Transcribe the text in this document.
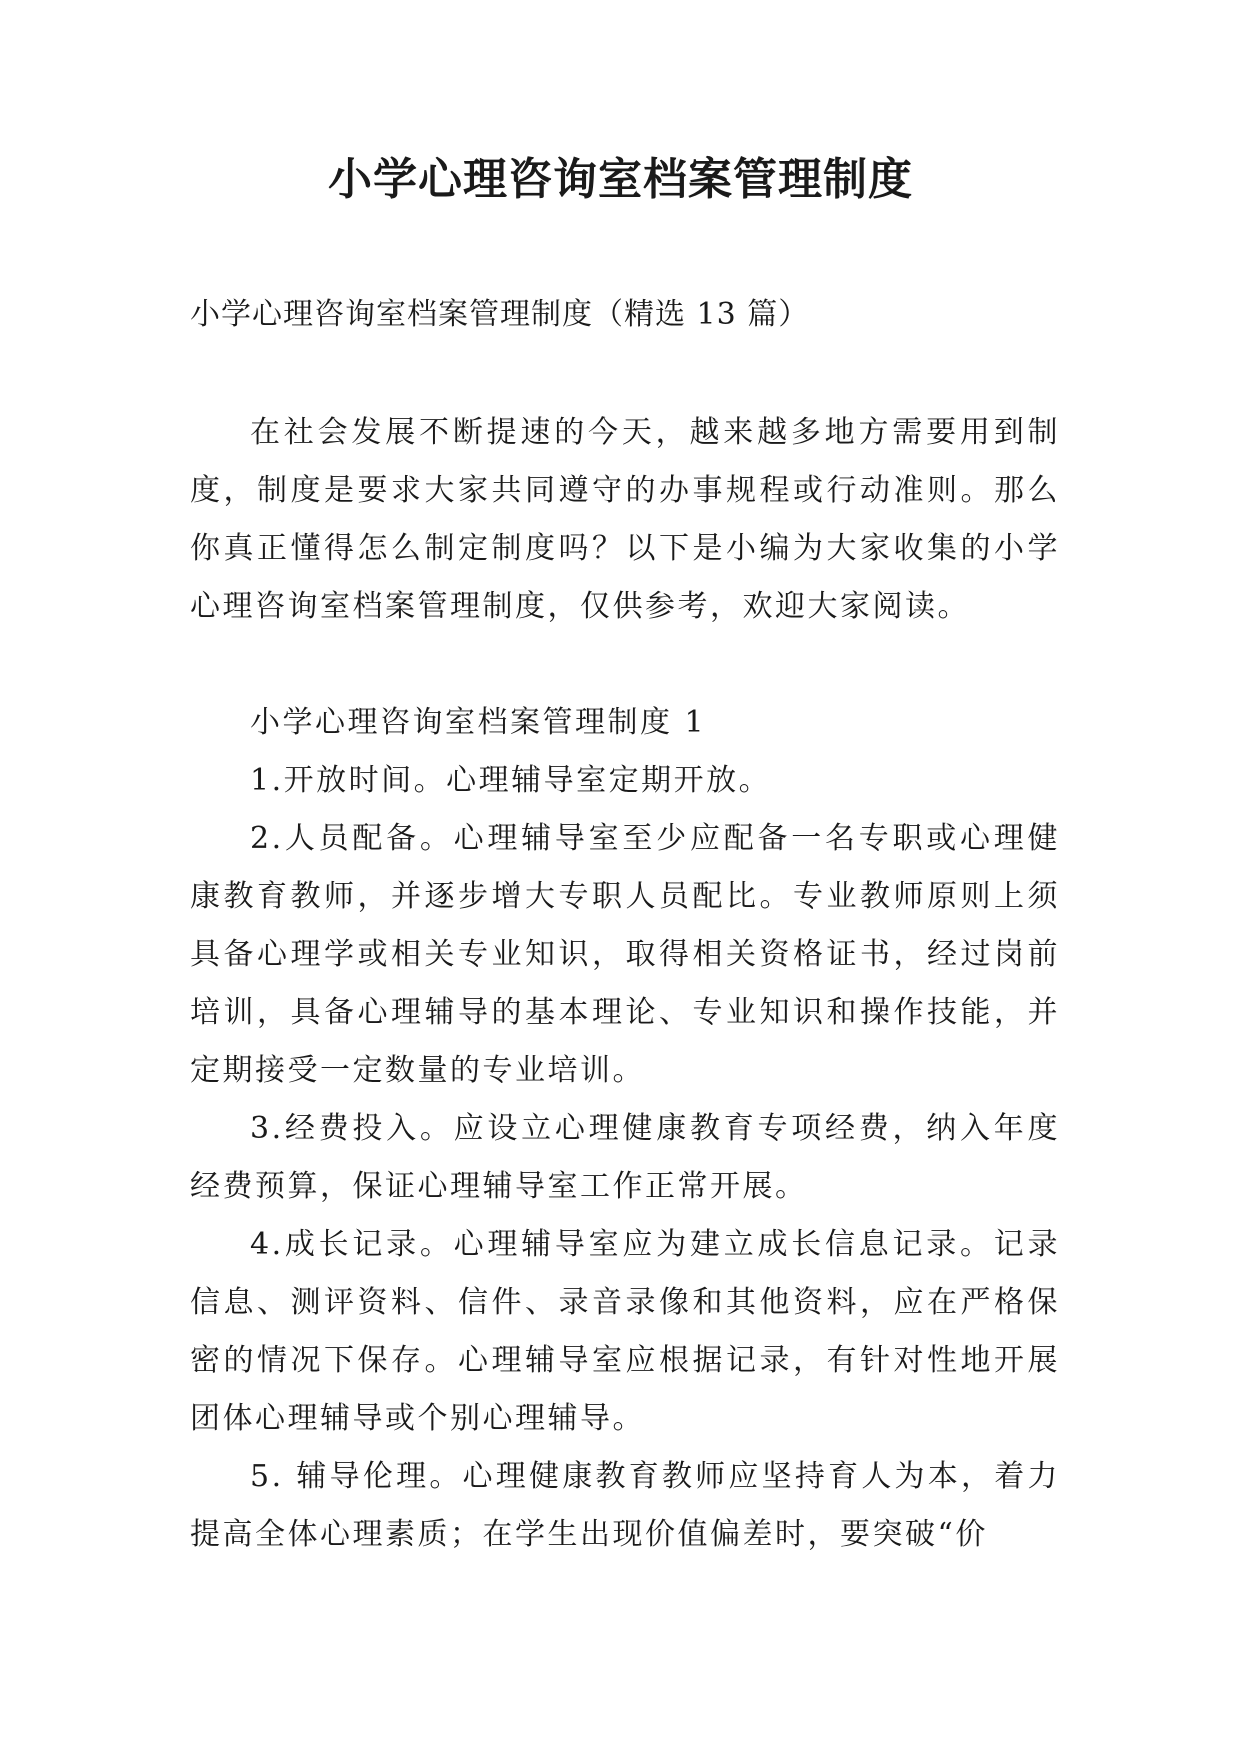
小学心理咨询室档案管理制度
小学心理咨询室档案管理制度（精选 13 篇）

在社会发展不断提速的今天，越来越多地方需要用到制度，制度是要求大家共同遵守的办事规程或行动准则。那么你真正懂得怎么制定制度吗？以下是小编为大家收集的小学心理咨询室档案管理制度，仅供参考，欢迎大家阅读。

小学心理咨询室档案管理制度 1

1.开放时间。心理辅导室定期开放。

2.人员配备。心理辅导室至少应配备一名专职或心理健康教育教师，并逐步增大专职人员配比。专业教师原则上须具备心理学或相关专业知识，取得相关资格证书，经过岗前培训，具备心理辅导的基本理论、专业知识和操作技能，并定期接受一定数量的专业培训。

3.经费投入。应设立心理健康教育专项经费，纳入年度经费预算，保证心理辅导室工作正常开展。

4.成长记录。心理辅导室应为建立成长信息记录。记录信息、测评资料、信件、录音录像和其他资料，应在严格保密的情况下保存。心理辅导室应根据记录，有针对性地开展团体心理辅导或个别心理辅导。

5. 辅导伦理。心理健康教育教师应坚持育人为本，着力提高全体心理素质；在学生出现价值偏差时，要突破“价
